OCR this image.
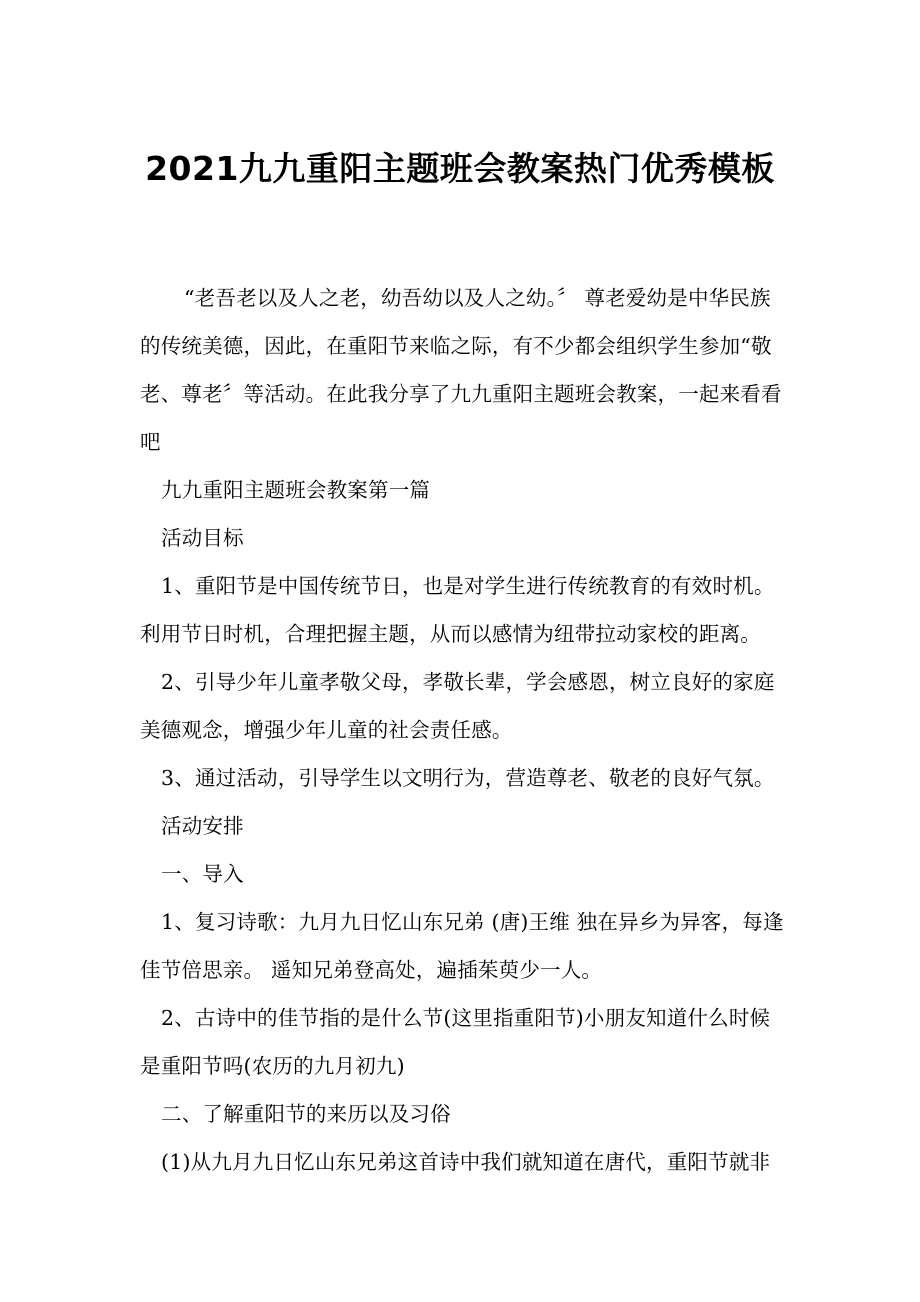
2021九九重阳主题班会教案热门优秀模板

“老吾老以及人之老，幼吾幼以及人之幼。〞 尊老爱幼是中华民族的传统美德，因此，在重阳节来临之际，有不少都会组织学生参加“敬老、尊老〞等活动。在此我分享了九九重阳主题班会教案，一起来看看吧

九九重阳主题班会教案第一篇

活动目标

1、重阳节是中国传统节日，也是对学生进行传统教育的有效时机。利用节日时机，合理把握主题，从而以感情为纽带拉动家校的距离。

2、引导少年儿童孝敬父母，孝敬长辈，学会感恩，树立良好的家庭美德观念，增强少年儿童的社会责任感。

3、通过活动，引导学生以文明行为，营造尊老、敬老的良好气氛。

活动安排

一、导入

1、复习诗歌：九月九日忆山东兄弟 (唐)王维 独在异乡为异客，每逢佳节倍思亲。 遥知兄弟登高处，遍插茱萸少一人。

2、古诗中的佳节指的是什么节(这里指重阳节)小朋友知道什么时候是重阳节吗(农历的九月初九)

二、了解重阳节的来历以及习俗

(1)从九月九日忆山东兄弟这首诗中我们就知道在唐代，重阳节就非
